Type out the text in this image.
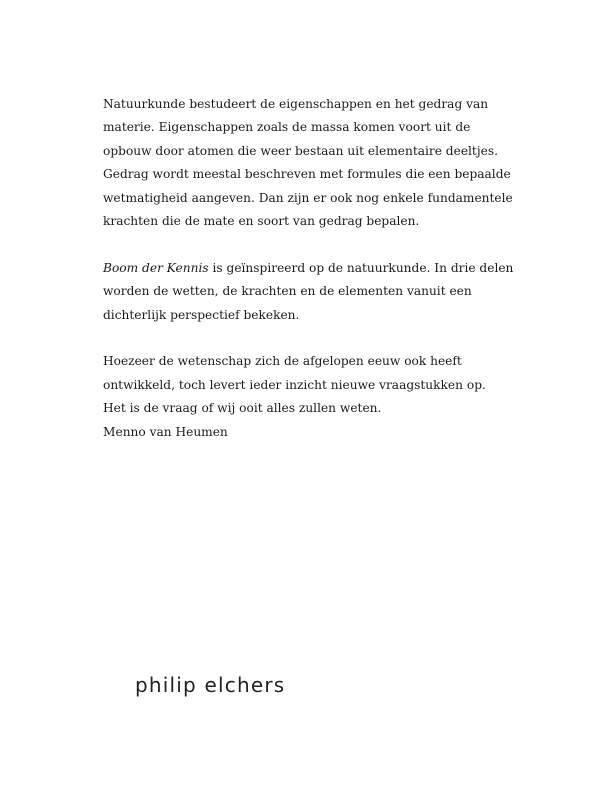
Natuurkunde bestudeert de eigenschappen en het gedrag van
materie. Eigenschappen zoals de massa komen voort uit de
opbouw door atomen die weer bestaan uit elementaire deeltjes.
Gedrag wordt meestal beschreven met formules die een bepaalde
wetmatigheid aangeven. Dan zijn er ook nog enkele fundamentele
krachten die de mate en soort van gedrag bepalen.

Boom der Kennis is geïnspireerd op de natuurkunde. In drie delen
worden de wetten, de krachten en de elementen vanuit een
dichterlijk perspectief bekeken.

Hoezeer de wetenschap zich de afgelopen eeuw ook heeft
ontwikkeld, toch levert ieder inzicht nieuwe vraagstukken op.
Het is de vraag of wij ooit alles zullen weten.

Menno van Heumen

philip elchers
